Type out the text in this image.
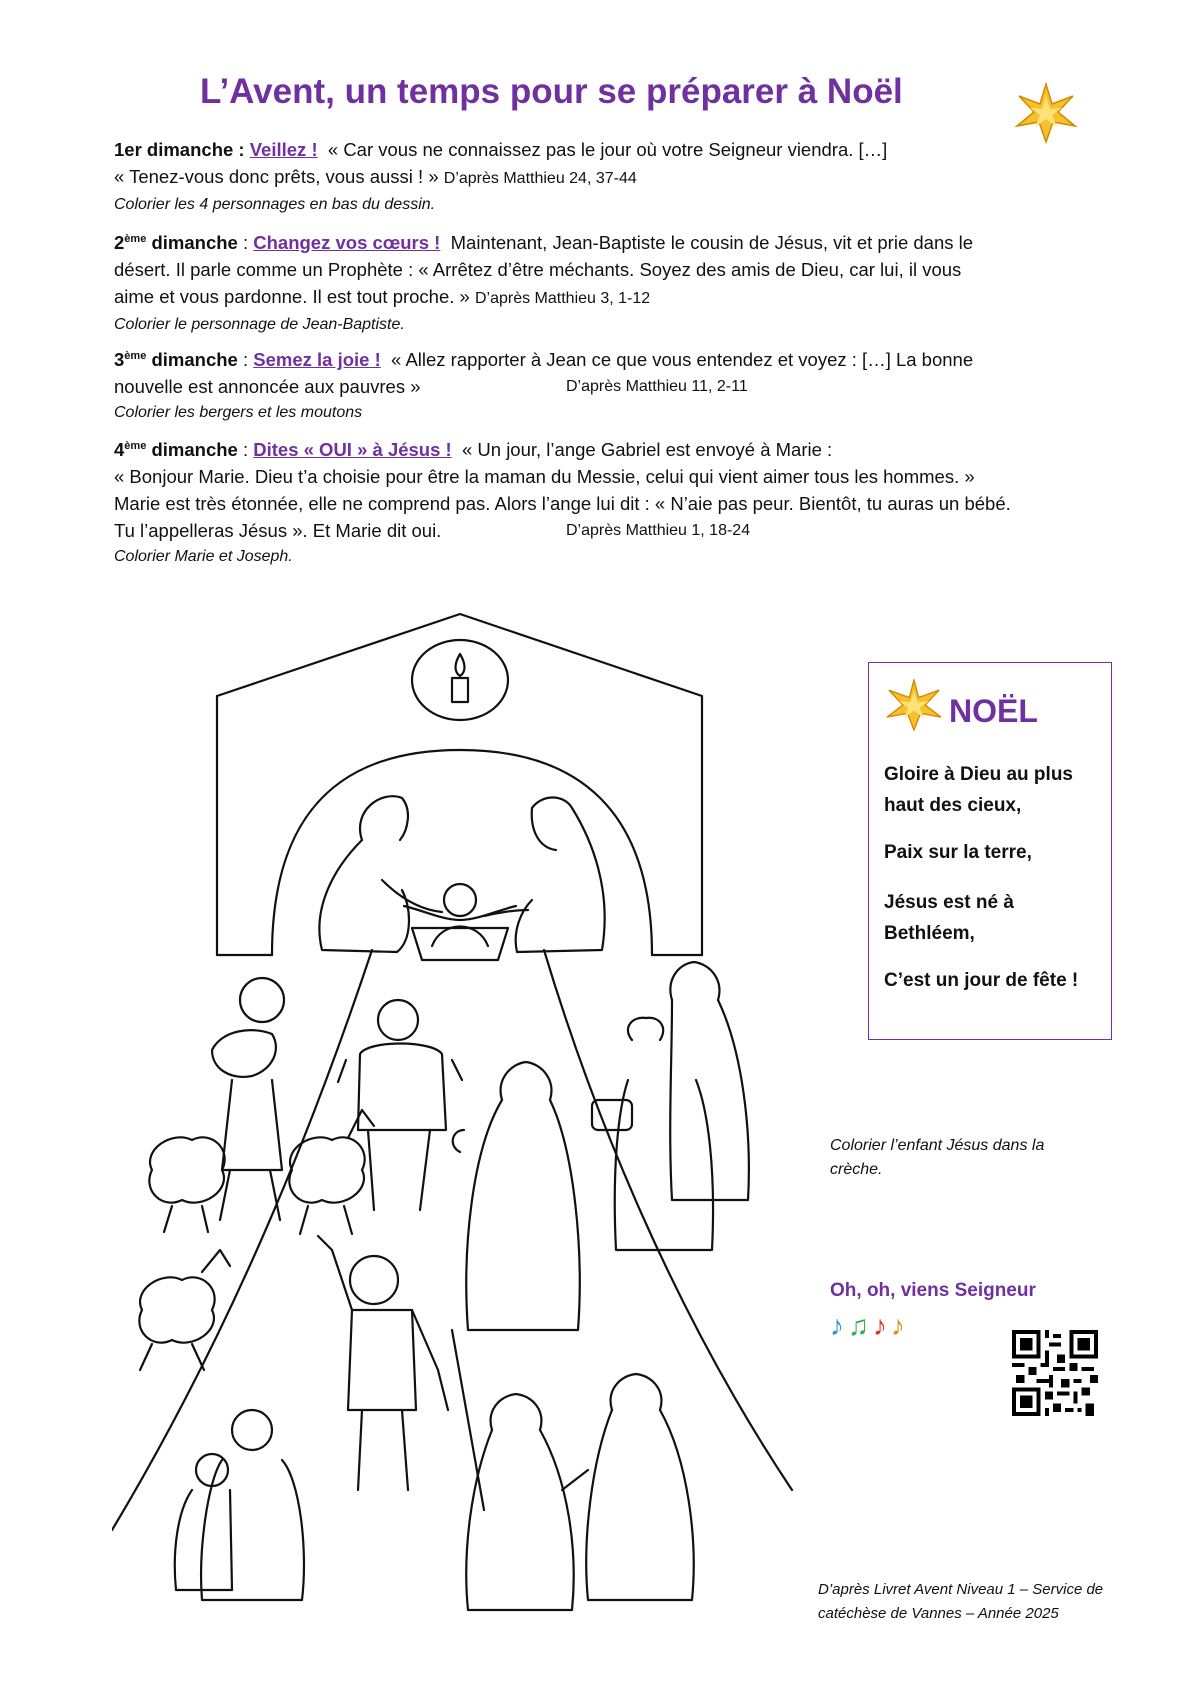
L’Avent, un temps pour se préparer à Noël
1er dimanche : Veillez ! « Car vous ne connaissez pas le jour où votre Seigneur viendra. […]
« Tenez-vous donc prêts, vous aussi ! » D’après Matthieu 24, 37-44
Colorier les 4 personnages en bas du dessin.
2ème dimanche : Changez vos cœurs ! Maintenant, Jean-Baptiste le cousin de Jésus, vit et prie dans le
désert. Il parle comme un Prophète : « Arrêtez d’être méchants. Soyez des amis de Dieu, car lui, il vous
aime et vous pardonne. Il est tout proche. » D’après Matthieu 3, 1-12
Colorier le personnage de Jean-Baptiste.
3ème dimanche : Semez la joie ! « Allez rapporter à Jean ce que vous entendez et voyez : […] La bonne
nouvelle est annoncée aux pauvres »	D’après Matthieu 11, 2-11
Colorier les bergers et les moutons
4ème dimanche : Dites « OUI » à Jésus ! « Un jour, l’ange Gabriel est envoyé à Marie :
« Bonjour Marie. Dieu t’a choisie pour être la maman du Messie, celui qui vient aimer tous les hommes. »
Marie est très étonnée, elle ne comprend pas. Alors l’ange lui dit : « N’aie pas peur. Bientôt, tu auras un bébé.
Tu l’appelleras Jésus ». Et Marie dit oui.	D’après Matthieu 1, 18-24
Colorier Marie et Joseph.
NOËL
Gloire à Dieu au plus haut des cieux,
Paix sur la terre,
Jésus est né à Bethléem,
C’est un jour de fête !
Colorier l’enfant Jésus dans la crèche.
Oh, oh, viens Seigneur
♪♫♪♪
D’après Livret Avent Niveau 1 – Service de catéchèse de Vannes – Année 2025
